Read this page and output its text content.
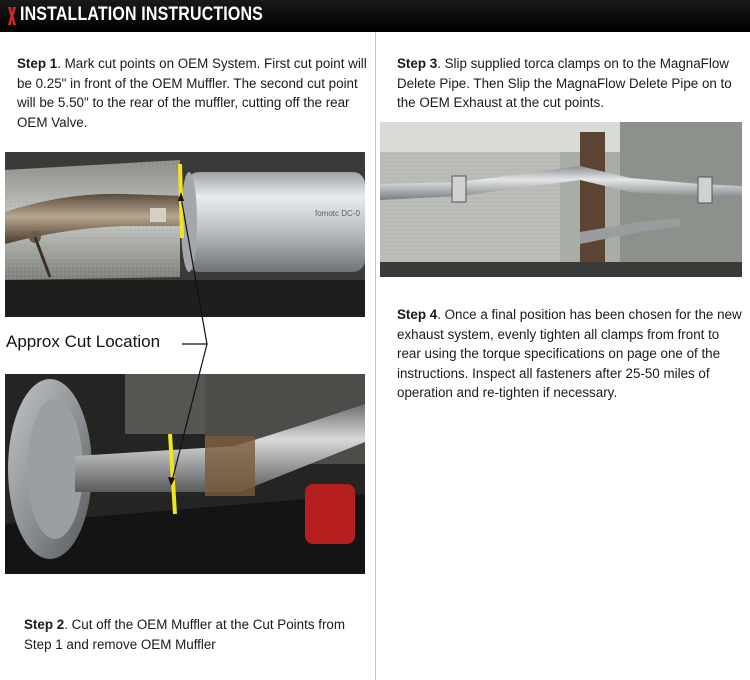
INSTALLATION INSTRUCTIONS
Step 1. Mark cut points on OEM System. First cut point will be 0.25" in front of the OEM Muffler. The second cut point will be 5.50" to the rear of the muffler, cutting off the rear OEM Valve.
fomotc DC-0
Approx Cut Location
Step 2. Cut off the OEM Muffler at the Cut Points from Step 1 and remove OEM Muffler
Step 3. Slip supplied torca clamps on to the MagnaFlow Delete Pipe. Then Slip the MagnaFlow Delete Pipe on to the OEM Exhaust at the cut points.
Step 4. Once a final position has been chosen for the new exhaust system, evenly tighten all clamps from front to rear using the torque specifications on page one of the instructions. Inspect all fasteners after 25-50 miles of operation and re-tighten if necessary.
